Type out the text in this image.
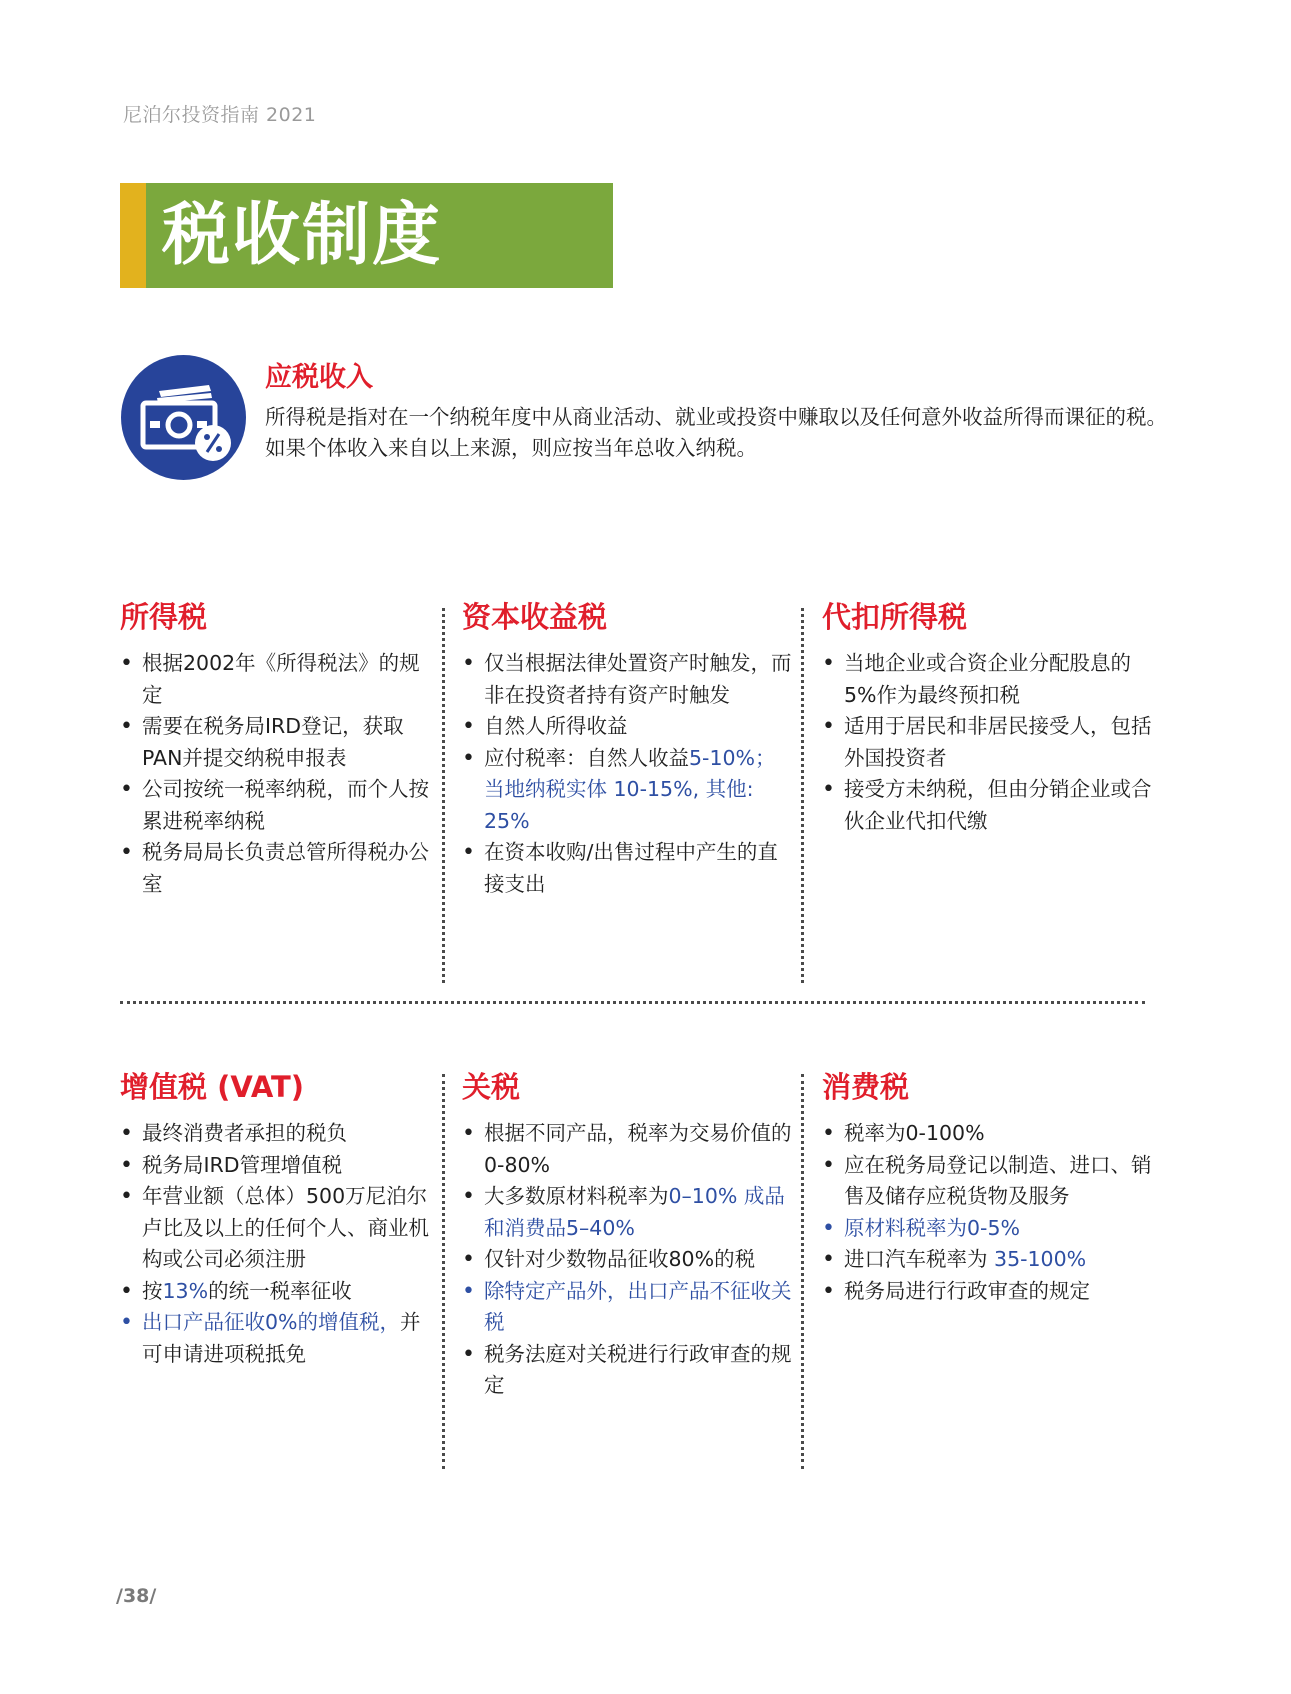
尼泊尔投资指南 2021
税收制度
应税收入
所得税是指对在一个纳税年度中从商业活动、就业或投资中赚取以及任何意外收益所得而课征的税。如果个体收入来自以上来源，则应按当年总收入纳税。
所得税
• 根据2002年《所得税法》的规定
• 需要在税务局IRD登记，获取PAN并提交纳税申报表
• 公司按统一税率纳税，而个人按累进税率纳税
• 税务局局长负责总管所得税办公室
资本收益税
• 仅当根据法律处置资产时触发，而非在投资者持有资产时触发
• 自然人所得收益
• 应付税率：自然人收益5-10%；当地纳税实体 10-15%, 其他: 25%
• 在资本收购/出售过程中产生的直接支出
代扣所得税
• 当地企业或合资企业分配股息的5%作为最终预扣税
• 适用于居民和非居民接受人，包括外国投资者
• 接受方未纳税，但由分销企业或合伙企业代扣代缴
增值税 (VAT)
• 最终消费者承担的税负
• 税务局IRD管理增值税
• 年营业额（总体）500万尼泊尔卢比及以上的任何个人、商业机构或公司必须注册
• 按13%的统一税率征收
• 出口产品征收0%的增值税，并可申请进项税抵免
关税
• 根据不同产品，税率为交易价值的0-80%
• 大多数原材料税率为0–10% 成品和消费品5–40%
• 仅针对少数物品征收80%的税
• 除特定产品外，出口产品不征收关税
• 税务法庭对关税进行行政审查的规定
消费税
• 税率为0-100%
• 应在税务局登记以制造、进口、销售及储存应税货物及服务
• 原材料税率为0-5%
• 进口汽车税率为 35-100%
• 税务局进行行政审查的规定
/38/
